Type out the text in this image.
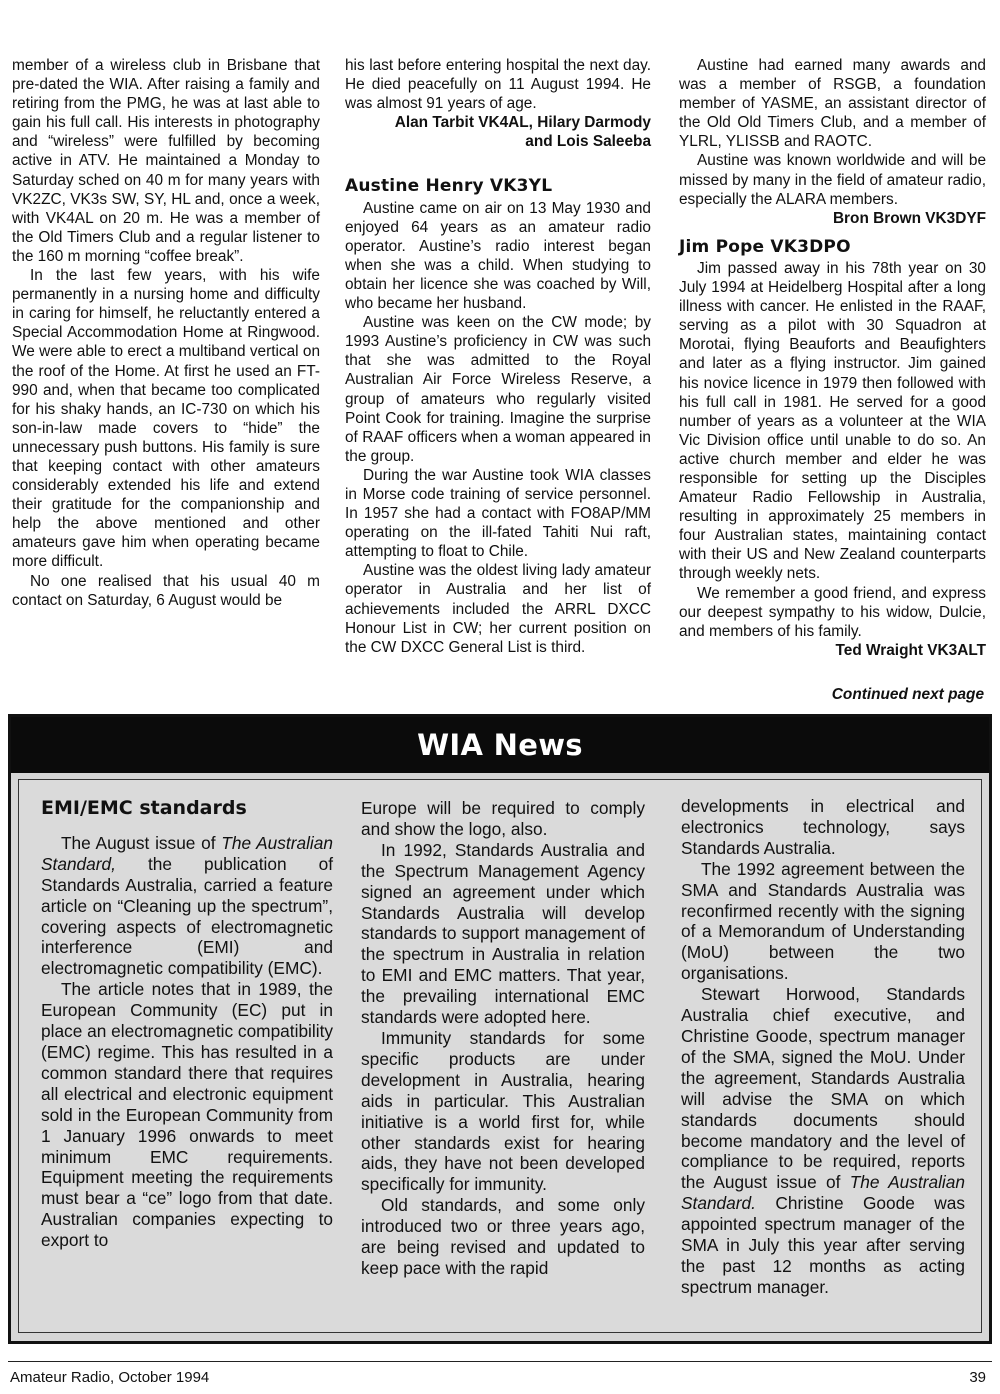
member of a wireless club in Brisbane that pre-dated the WIA. After raising a family and retiring from the PMG, he was at last able to gain his full call. His interests in photography and “wireless” were fulfilled by becoming active in ATV. He maintained a Monday to Saturday sched on 40 m for many years with VK2ZC, VK3s SW, SY, HL and, once a week, with VK4AL on 20 m. He was a member of the Old Timers Club and a regular listener to the 160 m morning “coffee break”.

In the last few years, with his wife permanently in a nursing home and difficulty in caring for himself, he reluctantly entered a Special Accommodation Home at Ringwood. We were able to erect a multiband vertical on the roof of the Home. At first he used an FT-990 and, when that became too complicated for his shaky hands, an IC-730 on which his son-in-law made covers to “hide” the unnecessary push buttons. His family is sure that keeping contact with other amateurs considerably extended his life and extend their gratitude for the companionship and help the above mentioned and other amateurs gave him when operating became more difficult.

No one realised that his usual 40 m contact on Saturday, 6 August would be

his last before entering hospital the next day. He died peacefully on 11 August 1994. He was almost 91 years of age.

Alan Tarbit VK4AL, Hilary Darmody
and Lois Saleeba
Austine Henry VK3YL

Austine came on air on 13 May 1930 and enjoyed 64 years as an amateur radio operator. Austine’s radio interest began when she was a child. When studying to obtain her licence she was coached by Will, who became her husband.

Austine was keen on the CW mode; by 1993 Austine’s proficiency in CW was such that she was admitted to the Royal Australian Air Force Wireless Reserve, a group of amateurs who regularly visited Point Cook for training. Imagine the surprise of RAAF officers when a woman appeared in the group.

During the war Austine took WIA classes in Morse code training of service personnel. In 1957 she had a contact with FO8AP/MM operating on the ill-fated Tahiti Nui raft, attempting to float to Chile.

Austine was the oldest living lady amateur operator in Australia and her list of achievements included the ARRL DXCC Honour List in CW; her current position on the CW DXCC General List is third.

Austine had earned many awards and was a member of RSGB, a foundation member of YASME, an assistant director of the Old Old Timers Club, and a member of YLRL, YLISSB and RAOTC.

Austine was known worldwide and will be missed by many in the field of amateur radio, especially the ALARA members.

Bron Brown VK3DYF
Jim Pope VK3DPO

Jim passed away in his 78th year on 30 July 1994 at Heidelberg Hospital after a long illness with cancer. He enlisted in the RAAF, serving as a pilot with 30 Squadron at Morotai, flying Beauforts and Beaufighters and later as a flying instructor. Jim gained his novice licence in 1979 then followed with his full call in 1981. He served for a good number of years as a volunteer at the WIA Vic Division office until unable to do so. An active church member and elder he was responsible for setting up the Disciples Amateur Radio Fellowship in Australia, resulting in approximately 25 members in four Australian states, maintaining contact with their US and New Zealand counterparts through weekly nets.

We remember a good friend, and express our deepest sympathy to his widow, Dulcie, and members of his family.

Ted Wraight VK3ALT
Continued next page
WIA News
EMI/EMC standards

The August issue of The Australian Standard, the publication of Standards Australia, carried a feature article on “Cleaning up the spectrum”, covering aspects of electromagnetic interference (EMI) and electromagnetic compatibility (EMC).

The article notes that in 1989, the European Community (EC) put in place an electromagnetic compatibility (EMC) regime. This has resulted in a common standard there that requires all electrical and electronic equipment sold in the European Community from 1 January 1996 onwards to meet minimum EMC requirements. Equipment meeting the requirements must bear a “ce” logo from that date. Australian companies expecting to export to

Europe will be required to comply and show the logo, also.

In 1992, Standards Australia and the Spectrum Management Agency signed an agreement under which Standards Australia will develop standards to support management of the spectrum in Australia in relation to EMI and EMC matters. That year, the prevailing international EMC standards were adopted here.

Immunity standards for some specific products are under development in Australia, hearing aids in particular. This Australian initiative is a world first for, while other standards exist for hearing aids, they have not been developed specifically for immunity.

Old standards, and some only introduced two or three years ago, are being revised and updated to keep pace with the rapid

developments in electrical and electronics technology, says Standards Australia.

The 1992 agreement between the SMA and Standards Australia was reconfirmed recently with the signing of a Memorandum of Understanding (MoU) between the two organisations.

Stewart Horwood, Standards Australia chief executive, and Christine Goode, spectrum manager of the SMA, signed the MoU. Under the agreement, Standards Australia will advise the SMA on which standards documents should become mandatory and the level of compliance to be required, reports the August issue of The Australian Standard. Christine Goode was appointed spectrum manager of the SMA in July this year after serving the past 12 months as acting spectrum manager.

Amateur Radio, October 1994	39
